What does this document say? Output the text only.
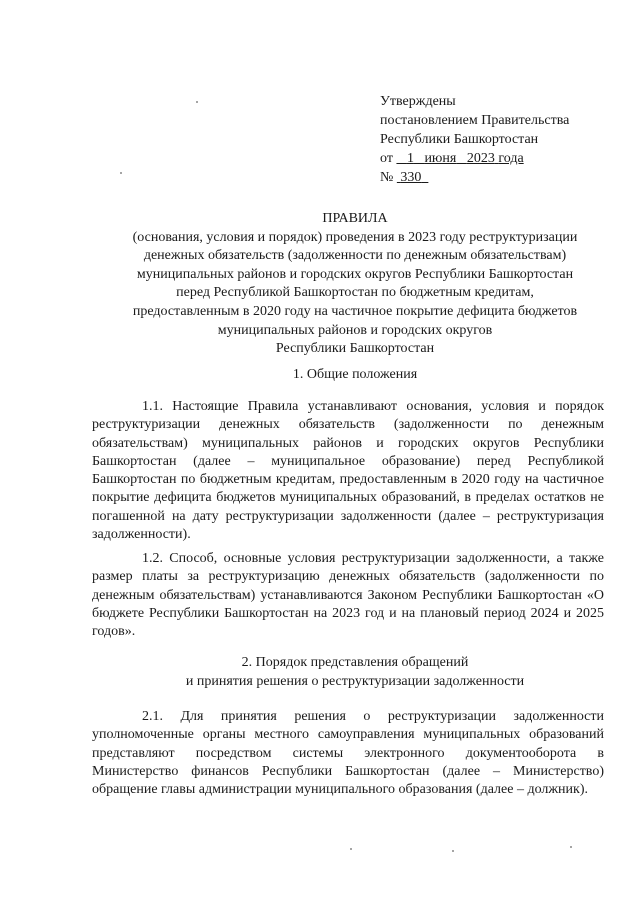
Утверждены
постановлением Правительства
Республики Башкортостан
от 1 июня 2023 года
№ 330
ПРАВИЛА
(основания, условия и порядок) проведения в 2023 году реструктуризации
денежных обязательств (задолженности по денежным обязательствам)
муниципальных районов и городских округов Республики Башкортостан
перед Республикой Башкортостан по бюджетным кредитам,
предоставленным в 2020 году на частичное покрытие дефицита бюджетов
муниципальных районов и городских округов
Республики Башкортостан
1. Общие положения
1.1. Настоящие Правила устанавливают основания, условия и порядок реструктуризации денежных обязательств (задолженности по денежным обязательствам) муниципальных районов и городских округов Республики Башкортостан (далее – муниципальное образование) перед Республикой Башкортостан по бюджетным кредитам, предоставленным в 2020 году на частичное покрытие дефицита бюджетов муниципальных образований, в пределах остатков не погашенной на дату реструктуризации задолженности (далее – реструктуризация задолженности).
1.2. Способ, основные условия реструктуризации задолженности, а также размер платы за реструктуризацию денежных обязательств (задолженности по денежным обязательствам) устанавливаются Законом Республики Башкортостан «О бюджете Республики Башкортостан на 2023 год и на плановый период 2024 и 2025 годов».
2. Порядок представления обращений
и принятия решения о реструктуризации задолженности
2.1. Для принятия решения о реструктуризации задолженности уполномоченные органы местного самоуправления муниципальных образований представляют посредством системы электронного документооборота в Министерство финансов Республики Башкортостан (далее – Министерство) обращение главы администрации муниципального образования (далее – должник).
